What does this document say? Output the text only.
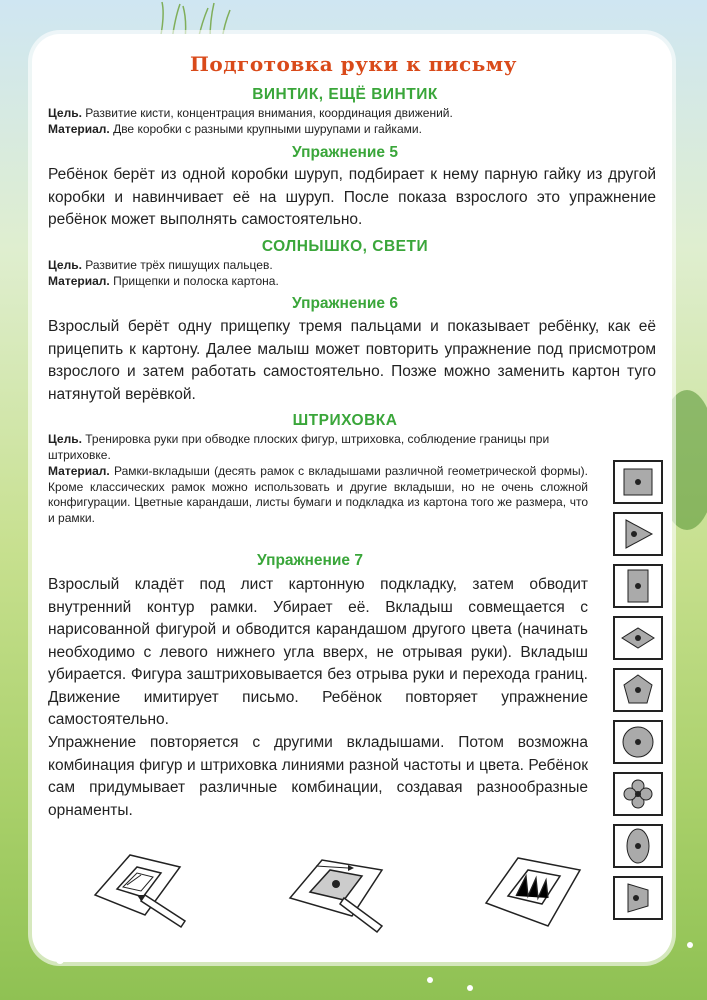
Подготовка руки к письму
ВИНТИК, ЕЩЁ ВИНТИК
Цель. Развитие кисти, концентрация внимания, координация движений.
Материал. Две коробки с разными крупными шурупами и гайками.
Упражнение 5
Ребёнок берёт из одной коробки шуруп, подбирает к нему парную гайку из другой коробки и навинчивает её на шуруп. После показа взрослого это упражнение ребёнок может выполнять самостоятельно.
СОЛНЫШКО, СВЕТИ
Цель. Развитие трёх пишущих пальцев.
Материал. Прищепки и полоска картона.
Упражнение 6
Взрослый берёт одну прищепку тремя пальцами и показывает ребёнку, как её прицепить к картону. Далее малыш может повторить упражнение под присмотром взрослого и затем работать самостоятельно. Позже можно заменить картон туго натянутой верёвкой.
ШТРИХОВКА
Цель. Тренировка руки при обводке плоских фигур, штриховка, соблюдение границы при штриховке.
Материал. Рамки-вкладыши (десять рамок с вкладышами различной геометрической формы). Кроме классических рамок можно использовать и другие вкладыши, но не очень сложной конфигурации. Цветные карандаши, листы бумаги и подкладка из картона того же размера, что и рамки.
Упражнение 7
Взрослый кладёт под лист картонную подкладку, затем обводит внутренний контур рамки. Убирает её. Вкладыш совмещается с нарисованной фигурой и обводится карандашом другого цвета (начинать необходимо с левого нижнего угла вверх, не отрывая руки). Вкладыш убирается. Фигура заштриховывается без отрыва руки и перехода границ. Движение имитирует письмо. Ребёнок повторяет упражнение самостоятельно.
Упражнение повторяется с другими вкладышами. Потом возможна комбинация фигур и штриховка линиями разной частоты и цвета. Ребёнок сам придумывает различные комбинации, создавая разнообразные орнаменты.
